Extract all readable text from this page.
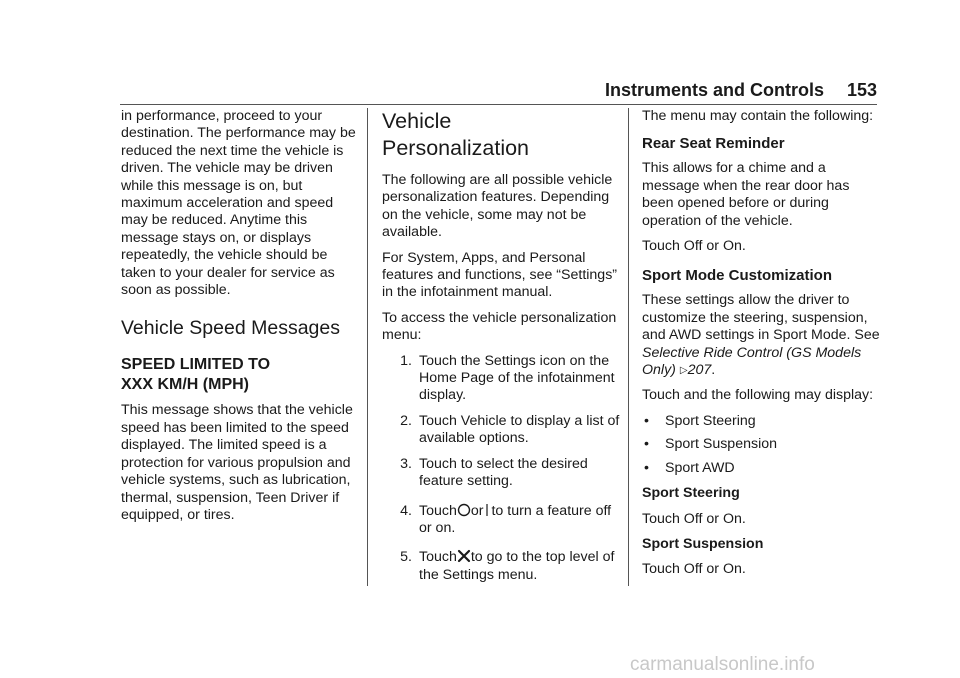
Instruments and Controls 153

in performance, proceed to your destination. The performance may be reduced the next time the vehicle is driven. The vehicle may be driven while this message is on, but maximum acceleration and speed may be reduced. Anytime this message stays on, or displays repeatedly, the vehicle should be taken to your dealer for service as soon as possible.

Vehicle Speed Messages
SPEED LIMITED TO
XXX KM/H (MPH)

This message shows that the vehicle speed has been limited to the speed displayed. The limited speed is a protection for various propulsion and vehicle systems, such as lubrication, thermal, suspension, Teen Driver if equipped, or tires.

Vehicle
Personalization

The following are all possible vehicle personalization features. Depending on the vehicle, some may not be available.

For System, Apps, and Personal features and functions, see “Settings” in the infotainment manual.

To access the vehicle personalization menu:

1. Touch the Settings icon on the Home Page of the infotainment display.
2. Touch Vehicle to display a list of available options.
3. Touch to select the desired feature setting.
4. Touch or to turn a feature off or on.
5. Touch to go to the top level of the Settings menu.

The menu may contain the following:

Rear Seat Reminder

This allows for a chime and a message when the rear door has been opened before or during operation of the vehicle.

Touch Off or On.

Sport Mode Customization

These settings allow the driver to customize the steering, suspension, and AWD settings in Sport Mode. See Selective Ride Control (GS Models Only) ▷207.

Touch and the following may display:

•	Sport Steering
•	Sport Suspension
•	Sport AWD
Sport Steering

Touch Off or On.

Sport Suspension

Touch Off or On.

carmanualsonline.info
